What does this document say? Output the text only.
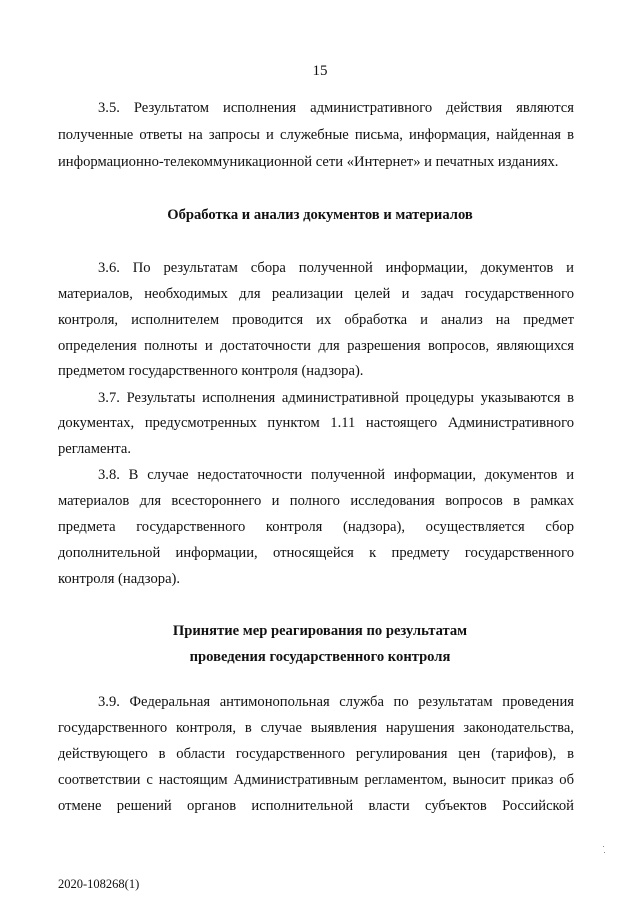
15
3.5. Результатом исполнения административного действия являются
полученные ответы на запросы и служебные письма, информация, найденная в
информационно-телекоммуникационной сети «Интернет» и печатных изданиях.
Обработка и анализ документов и материалов
3.6. По результатам сбора полученной информации, документов и
материалов, необходимых для реализации целей и задач государственного
контроля, исполнителем проводится их обработка и анализ на предмет
определения полноты и достаточности для разрешения вопросов, являющихся
предметом государственного контроля (надзора).
3.7. Результаты исполнения административной процедуры указываются в
документах, предусмотренных пунктом 1.11 настоящего Административного
регламента.
3.8. В случае недостаточности полученной информации, документов и
материалов для всестороннего и полного исследования вопросов в рамках
предмета государственного контроля (надзора), осуществляется сбор
дополнительной информации, относящейся к предмету государственного
контроля (надзора).
Принятие мер реагирования по результатам
проведения государственного контроля
3.9. Федеральная антимонопольная служба по результатам проведения
государственного контроля, в случае выявления нарушения законодательства,
действующего в области государственного регулирования цен (тарифов), в
соответствии с настоящим Административным регламентом, выносит приказ об
отмене решений органов исполнительной власти субъектов Российской
2020-108268(1)
